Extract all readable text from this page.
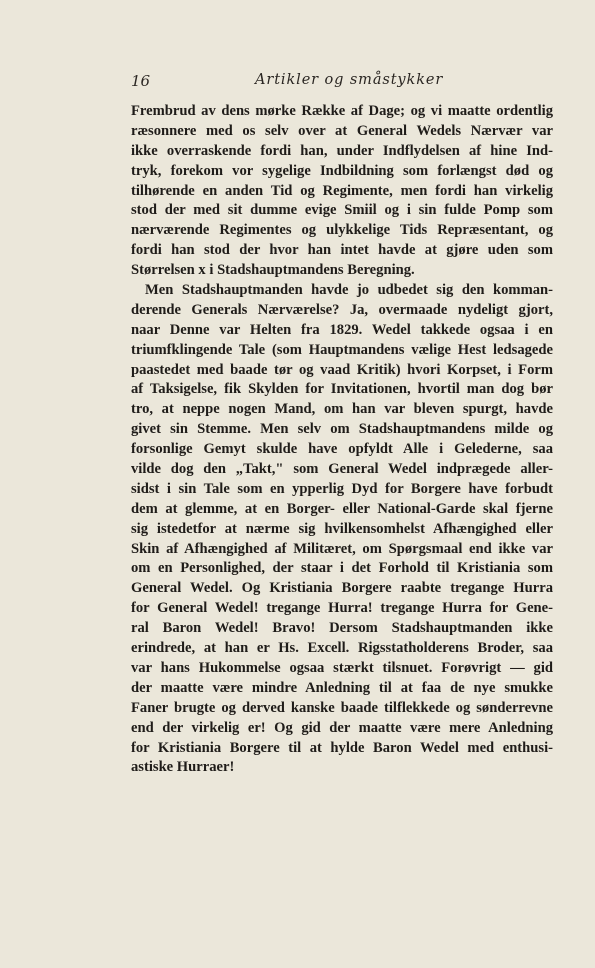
16	Artikler og småstykker
Frembrud av dens mørke Række af Dage; og vi maatte ordentlig
ræsonnere med os selv over at General Wedels Nærvær var
ikke overraskende fordi han, under Indflydelsen af hine Ind-
tryk, forekom vor sygelige Indbildning som forlængst død og
tilhørende en anden Tid og Regimente, men fordi han virkelig
stod der med sit dumme evige Smiil og i sin fulde Pomp som
nærværende Regimentes og ulykkelige Tids Repræsentant, og
fordi han stod der hvor han intet havde at gjøre uden som
Størrelsen x i Stadshauptmandens Beregning.
Men Stadshauptmanden havde jo udbedet sig den komman-
derende Generals Nærværelse? Ja, overmaade nydeligt gjort,
naar Denne var Helten fra 1829. Wedel takkede ogsaa i en
triumfklingende Tale (som Hauptmandens vælige Hest ledsagede
paastedet med baade tør og vaad Kritik) hvori Korpset, i Form
af Taksigelse, fik Skylden for Invitationen, hvortil man dog bør
tro, at neppe nogen Mand, om han var bleven spurgt, havde
givet sin Stemme. Men selv om Stadshauptmandens milde og
forsonlige Gemyt skulde have opfyldt Alle i Gelederne, saa
vilde dog den „Takt," som General Wedel indprægede aller-
sidst i sin Tale som en ypperlig Dyd for Borgere have forbudt
dem at glemme, at en Borger- eller National-Garde skal fjerne
sig istedetfor at nærme sig hvilkensomhelst Afhængighed eller
Skin af Afhængighed af Militæret, om Spørgsmaal end ikke var
om en Personlighed, der staar i det Forhold til Kristiania som
General Wedel. Og Kristiania Borgere raabte tregange Hurra
for General Wedel! tregange Hurra! tregange Hurra for Gene-
ral Baron Wedel! Bravo! Dersom Stadshauptmanden ikke
erindrede, at han er Hs. Excell. Rigsstatholderens Broder, saa
var hans Hukommelse ogsaa stærkt tilsnuet. Forøvrigt — gid
der maatte være mindre Anledning til at faa de nye smukke
Faner brugte og derved kanske baade tilflekkede og sønderrevne
end der virkelig er! Og gid der maatte være mere Anledning
for Kristiania Borgere til at hylde Baron Wedel med enthusi-
astiske Hurraer!
